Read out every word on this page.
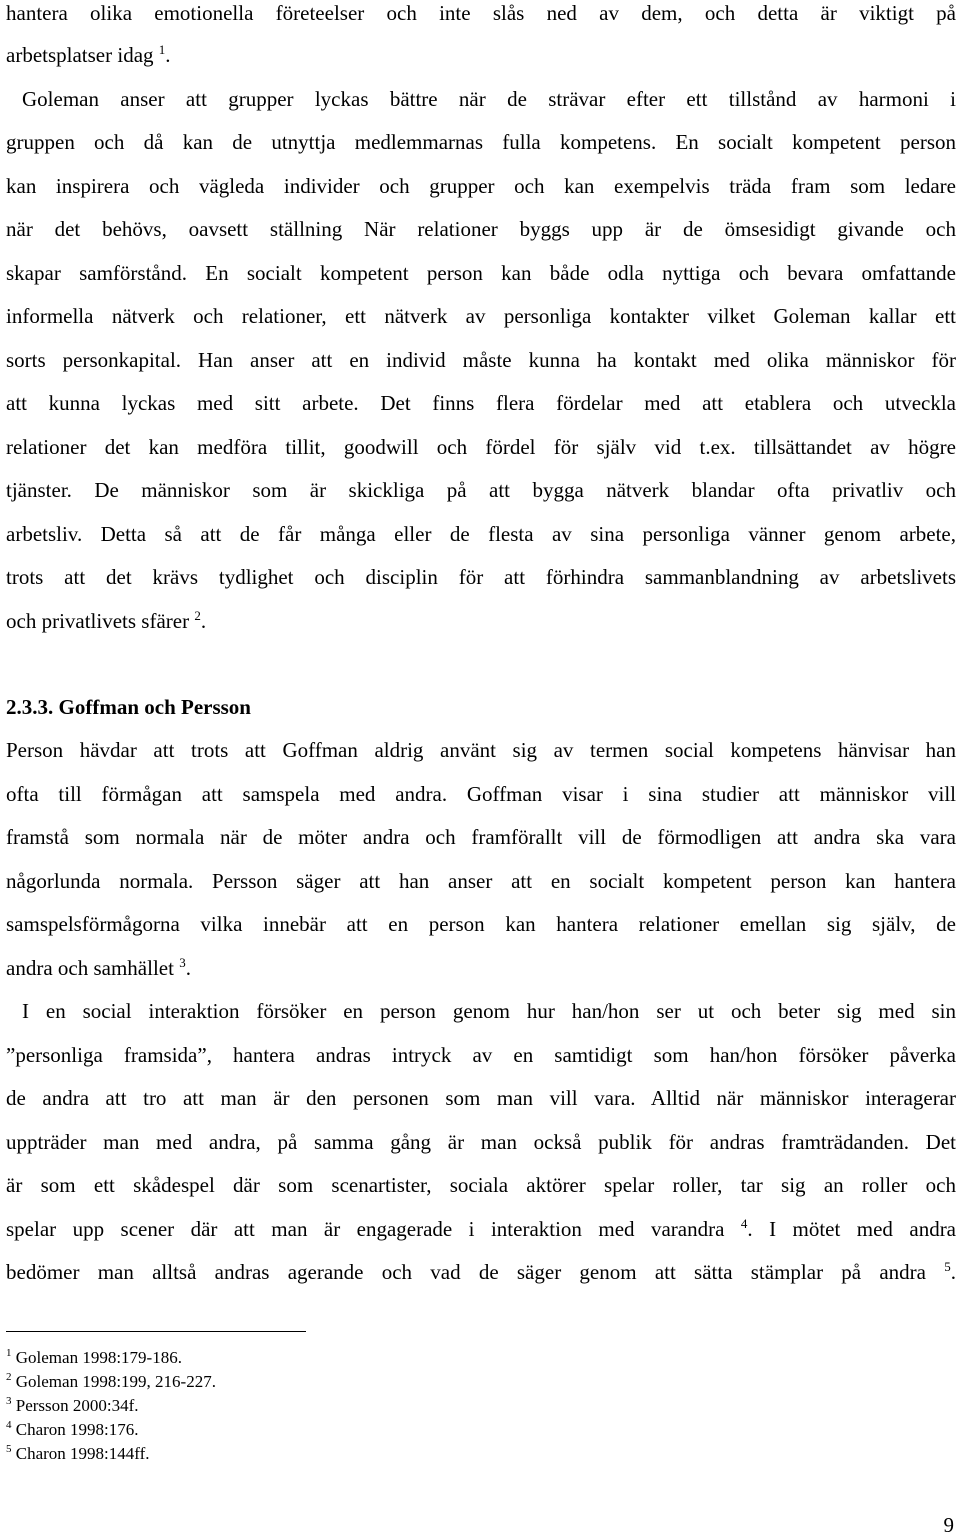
hantera olika emotionella företeelser och inte slås ned av dem, och detta är viktigt på
arbetsplatser idag $^1$.
Goleman anser att grupper lyckas bättre när de strävar efter ett tillstånd av harmoni i
gruppen och då kan de utnyttja medlemmarnas fulla kompetens. En socialt kompetent person
kan inspirera och vägleda individer och grupper och kan exempelvis träda fram som ledare
när det behövs, oavsett ställning När relationer byggs upp är de ömsesidigt givande och
skapar samförstånd. En socialt kompetent person kan både odla nyttiga och bevara omfattande
informella nätverk och relationer, ett nätverk av personliga kontakter vilket Goleman kallar ett
sorts personkapital. Han anser att en individ måste kunna ha kontakt med olika människor för
att kunna lyckas med sitt arbete. Det finns flera fördelar med att etablera och utveckla
relationer det kan medföra tillit, goodwill och fördel för själv vid t.ex. tillsättandet av högre
tjänster. De människor som är skickliga på att bygga nätverk blandar ofta privatliv och
arbetsliv. Detta så att de får många eller de flesta av sina personliga vänner genom arbete,
trots att det krävs tydlighet och disciplin för att förhindra sammanblandning av arbetslivets
och privatlivets sfärer $^2$.
2.3.3. Goffman och Persson
Person hävdar att trots att Goffman aldrig använt sig av termen social kompetens hänvisar han
ofta till förmågan att samspela med andra. Goffman visar i sina studier att människor vill
framstå som normala när de möter andra och framförallt vill de förmodligen att andra ska vara
någorlunda normala. Persson säger att han anser att en socialt kompetent person kan hantera
samspelsförmågorna vilka innebär att en person kan hantera relationer emellan sig själv, de
andra och samhället $^3$.
I en social interaktion försöker en person genom hur han/hon ser ut och beter sig med sin
”personliga framsida”, hantera andras intryck av en samtidigt som han/hon försöker påverka
de andra att tro att man är den personen som man vill vara. Alltid när människor interagerar
uppträder man med andra, på samma gång är man också publik för andras framträdanden. Det
är som ett skådespel där som scenartister, sociala aktörer spelar roller, tar sig an roller och
spelar upp scener där att man är engagerade i interaktion med varandra $^4$. I mötet med andra
bedömer man alltså andras agerande och vad de säger genom att sätta stämplar på andra $^5$.
$^1$ Goleman 1998:179-186.
$^2$ Goleman 1998:199, 216-227.
$^3$ Persson 2000:34f.
$^4$ Charon 1998:176.
$^5$ Charon 1998:144ff.
9
